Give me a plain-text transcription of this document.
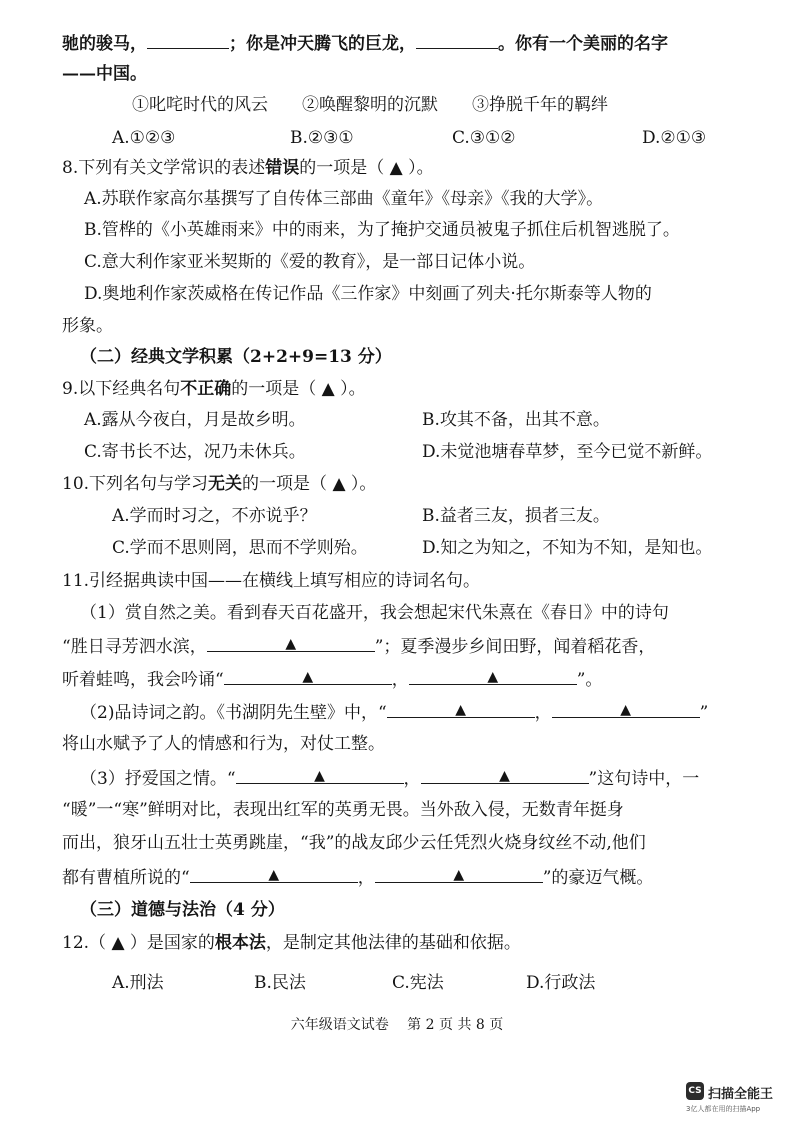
驰的骏马，	；你是冲天腾飞的巨龙，	。你有一个美丽的名字
——中国。
①叱咤时代的风云　　②唤醒黎明的沉默　　③挣脱千年的羁绊
A.①②③	B.②③①	C.③①②	D.②①③
8.下列有关文学常识的表述错误的一项是（ ▲ ）。
A.苏联作家高尔基撰写了自传体三部曲《童年》《母亲》《我的大学》。
B.管桦的《小英雄雨来》中的雨来，为了掩护交通员被鬼子抓住后机智逃脱了。
C.意大利作家亚米契斯的《爱的教育》，是一部日记体小说。
D.奥地利作家茨威格在传记作品《三作家》中刻画了列夫·托尔斯泰等人物的
形象。
（二）经典文学积累（2+2+9=13 分）
9.以下经典名句不正确的一项是（ ▲ ）。
A.露从今夜白，月是故乡明。	B.攻其不备，出其不意。
C.寄书长不达，况乃未休兵。	D.未觉池塘春草梦，至今已觉不新鲜。
10.下列名句与学习无关的一项是（ ▲ ）。
A.学而时习之，不亦说乎？	B.益者三友，损者三友。
C.学而不思则罔，思而不学则殆。	D.知之为知之，不知为不知，是知也。
11.引经据典读中国——在横线上填写相应的诗词名句。
（1）赏自然之美。看到春天百花盛开，我会想起宋代朱熹在《春日》中的诗句
“胜日寻芳泗水滨，	▲	”；夏季漫步乡间田野，闻着稻花香，
听着蛙鸣，我会吟诵“	▲	，	▲	”。
（2)品诗词之韵。《书湖阴先生壁》中，“	▲	，	▲	”
将山水赋予了人的情感和行为，对仗工整。
（3）抒爱国之情。“	▲	，	▲	”这句诗中，一
“暖”一“寒”鲜明对比，表现出红军的英勇无畏。当外敌入侵，无数青年挺身
而出，狼牙山五壮士英勇跳崖，“我”的战友邱少云任凭烈火烧身纹丝不动,他们
都有曹植所说的“	▲	，	▲	”的豪迈气概。
（三）道德与法治（4 分）
12.（ ▲ ）是国家的根本法，是制定其他法律的基础和依据。
A.刑法	B.民法	C.宪法	D.行政法
六年级语文试卷　 第 2 页 共 8 页
CS 扫描全能王
3亿人都在用的扫描App
